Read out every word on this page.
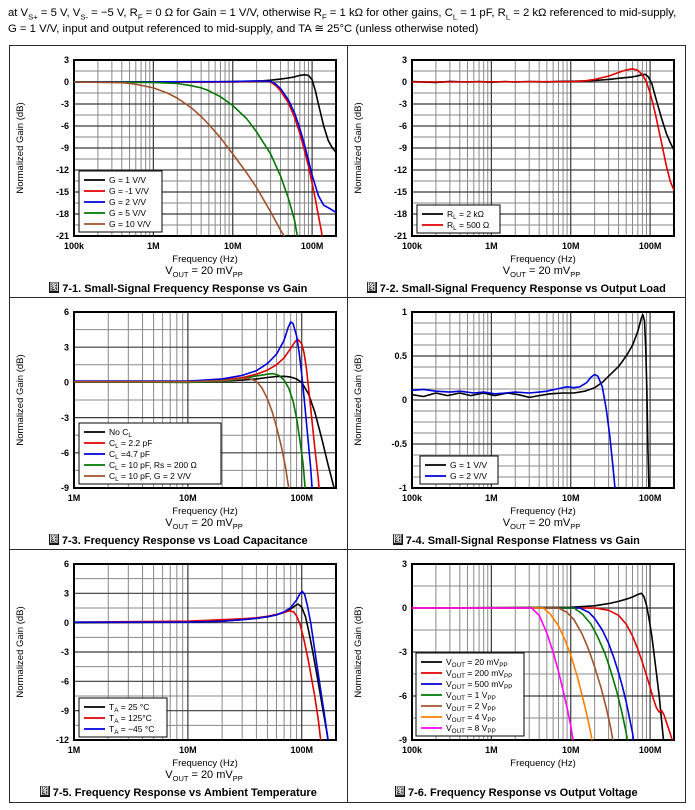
at $V_{S+} = 5$ V, $V_{S-} = -5$ V, $R_F = 0$ Ω for Gain = 1 V/V, otherwise $R_F = 1$ kΩ for other gains, $C_L = 1$ pF, $R_L = 2$ kΩ referenced to mid-supply, G = 1 V/V, input and output referenced to mid-supply, and TA ≅ 25°C (unless otherwise noted)
3
0
-3
-6
-9
-12
-15
-18
-21
100k	1M	10M	100M
Frequency (Hz)
Normalized Gain (dB)	G = 1 V/V
G = -1 V/V
G = 2 V/V
G = 5 V/V
G = 10 V/V
$V_{OUT} = 20$ $mV_{PP}$
图 7-1. Small-Signal Frequency Response vs Gain
3
0
-3
-6
-9
-12
-15
-18
-21
100k	1M	10M	100M
Frequency (Hz)
Normalized Gain (dB)
$R_L = 2$ kΩ
$R_L = 500$ Ω
$V_{OUT} = 20$ $mV_{PP}$
图 7-2. Small-Signal Frequency Response vs Output Load
6
3
0
-3
-6
-9
1M	10M	100M
Frequency (Hz)
Normalized Gain (dB)	No $C_L$
$C_L = 2.2$ pF
$C_L =4.7$ pF
$C_L = 10$ pF, Rs = 200 Ω
$C_L = 10$ pF, G = 2 V/V
$V_{OUT} = 20$ $mV_{PP}$
图 7-3. Frequency Response vs Load Capacitance
1
0.5
0
-0.5
-1
100k	1M	10M	100M
Frequency (Hz)
Normalized Gain (dB)
G = 1 V/V
G = 2 V/V
$V_{OUT} = 20$ $mV_{PP}$
图 7-4. Small-Signal Response Flatness vs Gain
6
3
0
-3
-6
-9
-12
1M	10M	100M
Frequency (Hz)
Normalized Gain (dB)
$T_A = 25$ °C
$T_A = 125^\circ C$
$T_A = -45$ °C
$V_{OUT} = 20$ $mV_{PP}$
图 7-5. Frequency Response vs Ambient Temperature
3
0
-3
-6
-9
100k	1M	10M	100M
Frequency (Hz)
Normalized Gain (dB)	$V_{OUT} = 20$ $mV_{PP}$
$V_{OUT} = 200$ $mV_{PP}$
$V_{OUT} = 500$ $mV_{PP}$
$V_{OUT} = 1$ $V_{PP}$
$V_{OUT} = 2$ $V_{PP}$
$V_{OUT} = 4$ $V_{PP}$
$V_{OUT} = 8$ $V_{PP}$
图 7-6. Frequency Response vs Output Voltage
